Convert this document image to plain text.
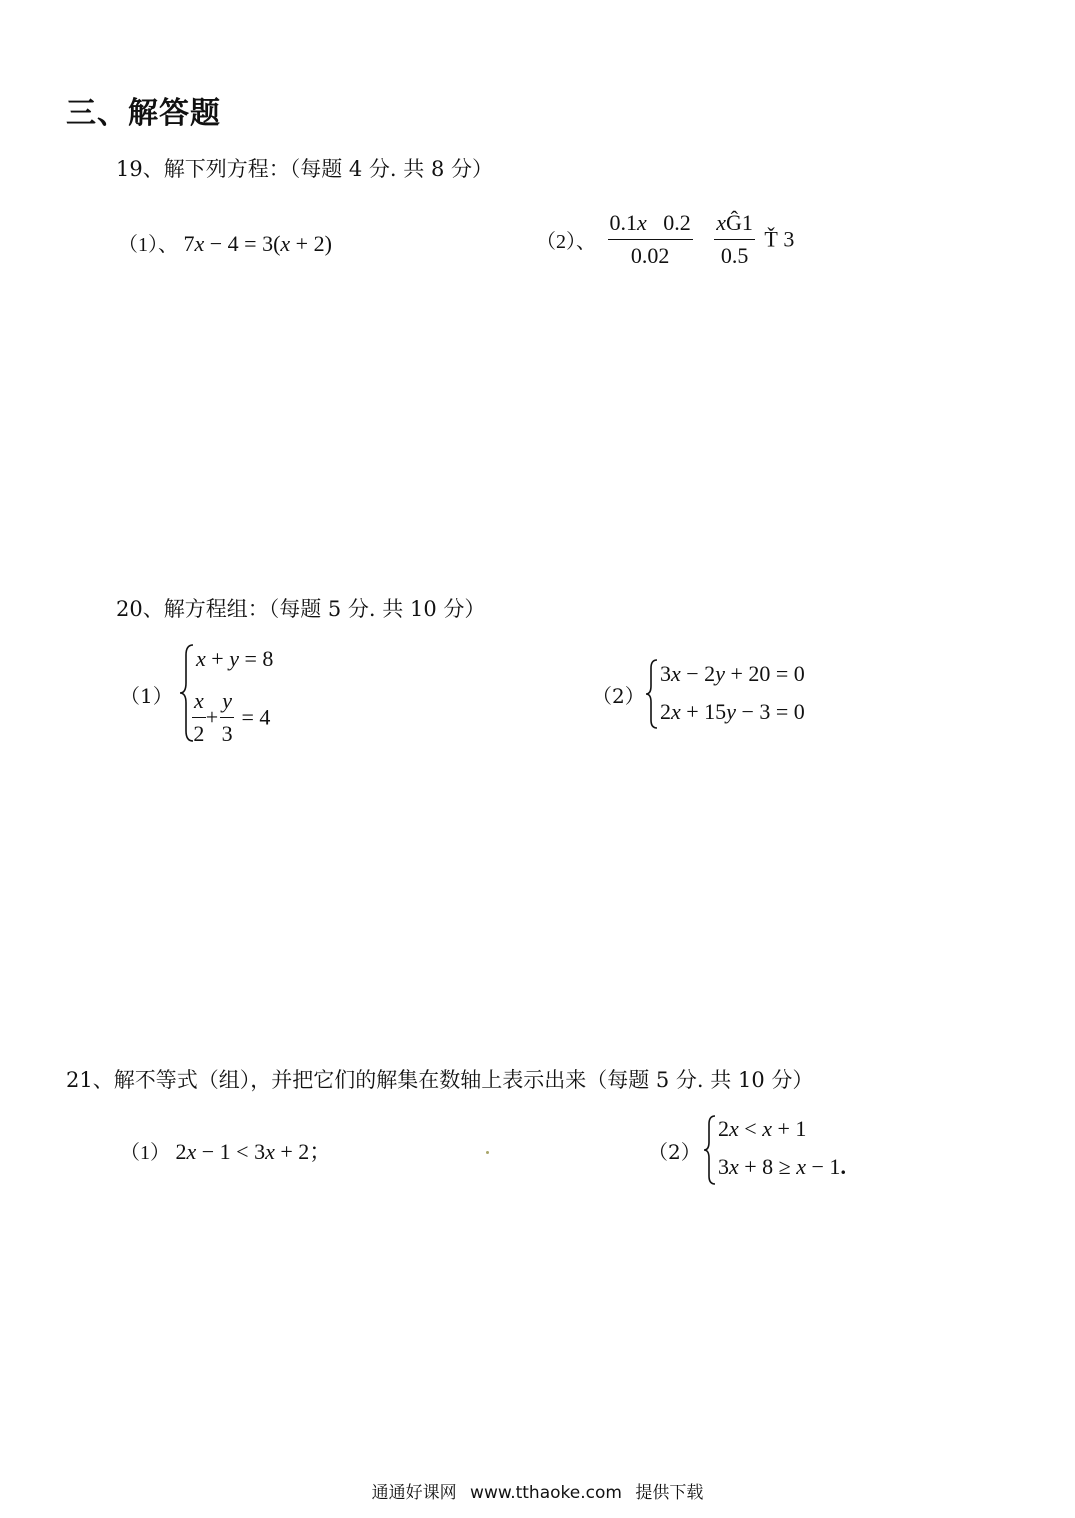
三、解答题
19、解下列方程：（每题 4 分. 共 8 分）
（1）、 7x − 4 = 3(x + 2)	（2）、 $\frac{0.1x 0.2}{0.02}$
$\frac{xĜ1}{0.5}$ Ť 3
20、解方程组：（每题 5 分. 共 10 分）
（1）
x + y = 8
$\frac{x}{2} + \frac{y}{3} = 4$
（2）
3x − 2y + 20 = 0
2x + 15y − 3 = 0
21、解不等式（组），并把它们的解集在数轴上表示出来（每题 5 分. 共 10 分）
（1） 2x − 1 < 3x + 2；	（2）
2x < x + 1
3x + 8 ≥ x − 1.
通通好课网 www.tthaoke.com 提供下载
